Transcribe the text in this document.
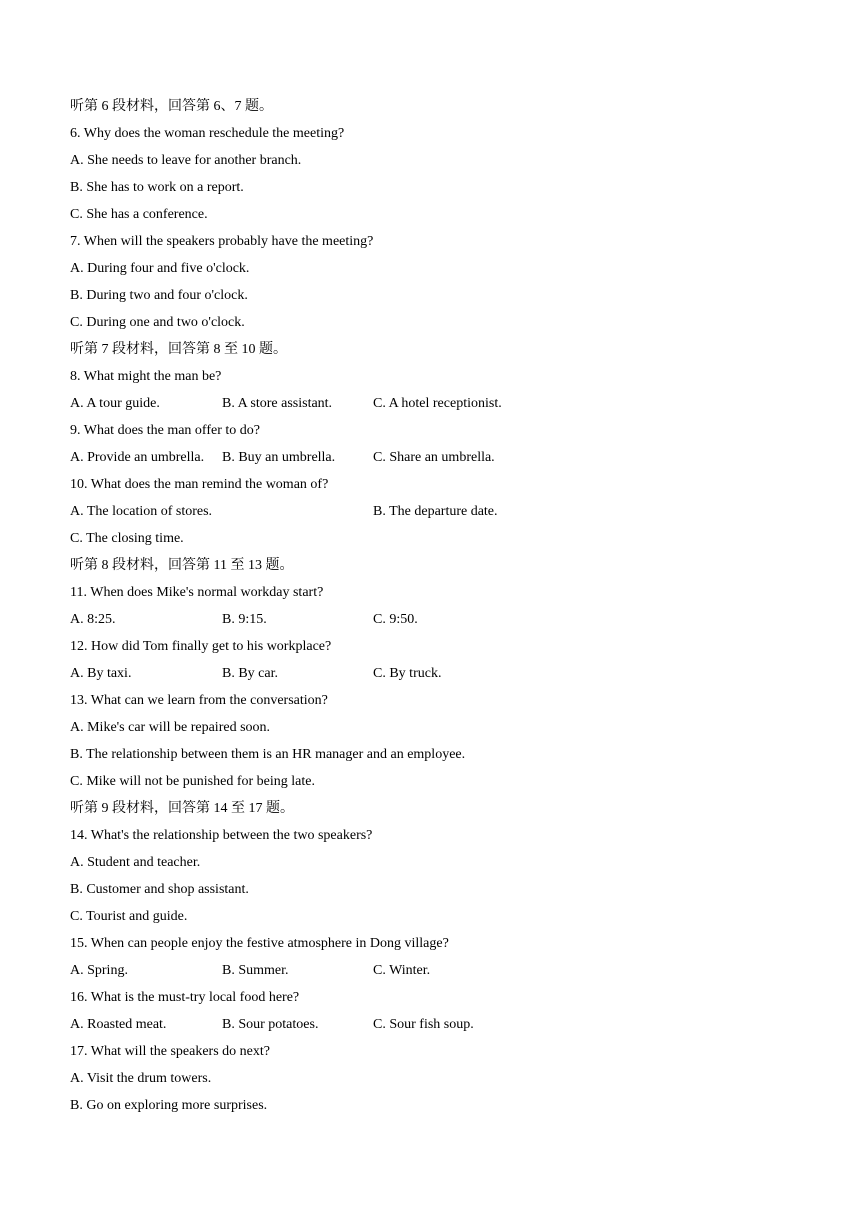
听第 6 段材料，回答第 6、7 题。
6. Why does the woman reschedule the meeting?
A. She needs to leave for another branch.
B. She has to work on a report.
C. She has a conference.
7. When will the speakers probably have the meeting?
A. During four and five o'clock.
B. During two and four o'clock.
C. During one and two o'clock.
听第 7 段材料，回答第 8 至 10 题。
8. What might the man be?
A. A tour guide.	B. A store assistant.	C. A hotel receptionist.
9. What does the man offer to do?
A. Provide an umbrella. B. Buy an umbrella.	C. Share an umbrella.
10. What does the man remind the woman of?
A. The location of stores.	B. The departure date.
C. The closing time.
听第 8 段材料，回答第 11 至 13 题。
11. When does Mike's normal workday start?
A. 8:25.	B. 9:15.	C. 9:50.
12. How did Tom finally get to his workplace?
A. By taxi.	B. By car.	C. By truck.
13. What can we learn from the conversation?
A. Mike's car will be repaired soon.
B. The relationship between them is an HR manager and an employee.
C. Mike will not be punished for being late.
听第 9 段材料，回答第 14 至 17 题。
14. What's the relationship between the two speakers?
A. Student and teacher.
B. Customer and shop assistant.
C. Tourist and guide.
15. When can people enjoy the festive atmosphere in Dong village?
A. Spring.	B. Summer.	C. Winter.
16. What is the must-try local food here?
A. Roasted meat.	B. Sour potatoes.	C. Sour fish soup.
17. What will the speakers do next?
A. Visit the drum towers.
B. Go on exploring more surprises.
